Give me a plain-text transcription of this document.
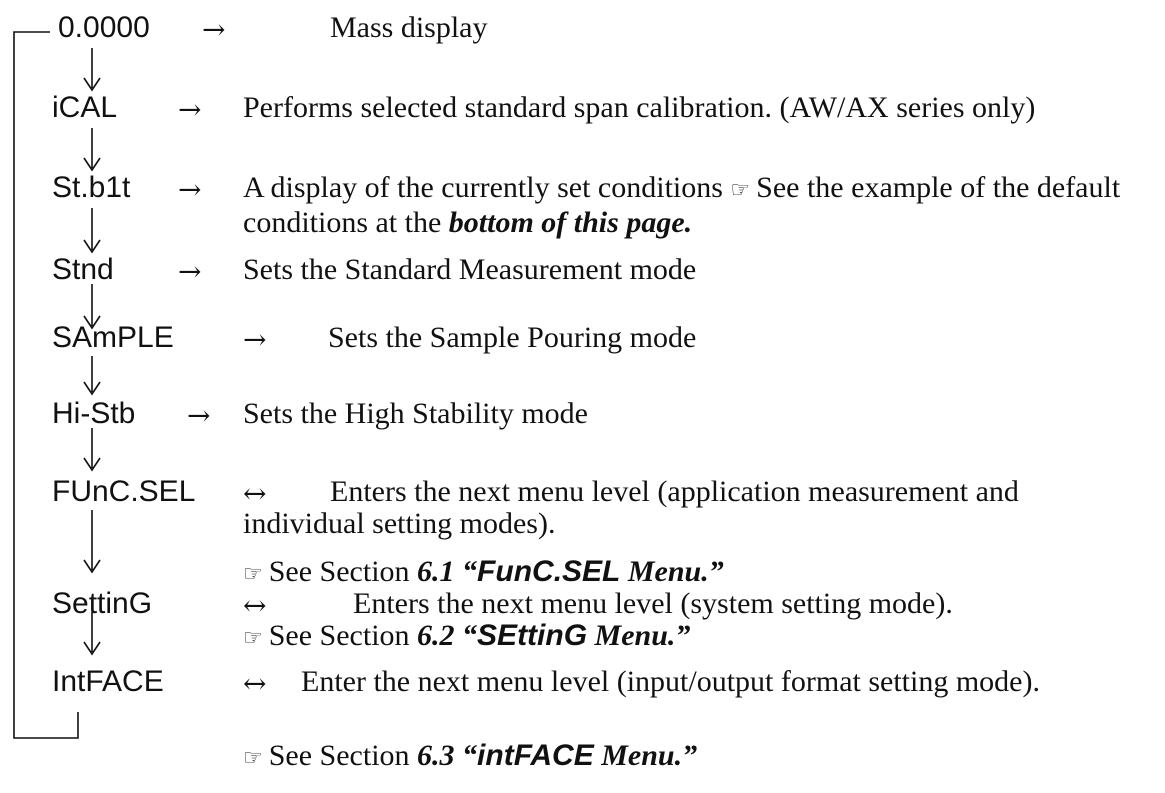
0.0000 →	Mass display
iCAL → Performs selected standard span calibration. (AW/AX series only)
St.b1t → A display of the currently set conditions ☞ See the example of the default conditions at the bottom of this page.
Stnd → Sets the Standard Measurement mode
SAmPLE → Sets the Sample Pouring mode
Hi-Stb → Sets the High Stability mode
FUnC.SEL ↔	Enters the next menu level (application measurement and individual setting modes).
☞ See Section 6.1 “FunC.SEL Menu.”
SettinG	↔	Enters the next menu level (system setting mode).
☞ See Section 6.2 “SEttinG Menu.”
IntFACE	↔	Enter the next menu level (input/output format setting mode).
☞ See Section 6.3 “intFACE Menu.”
